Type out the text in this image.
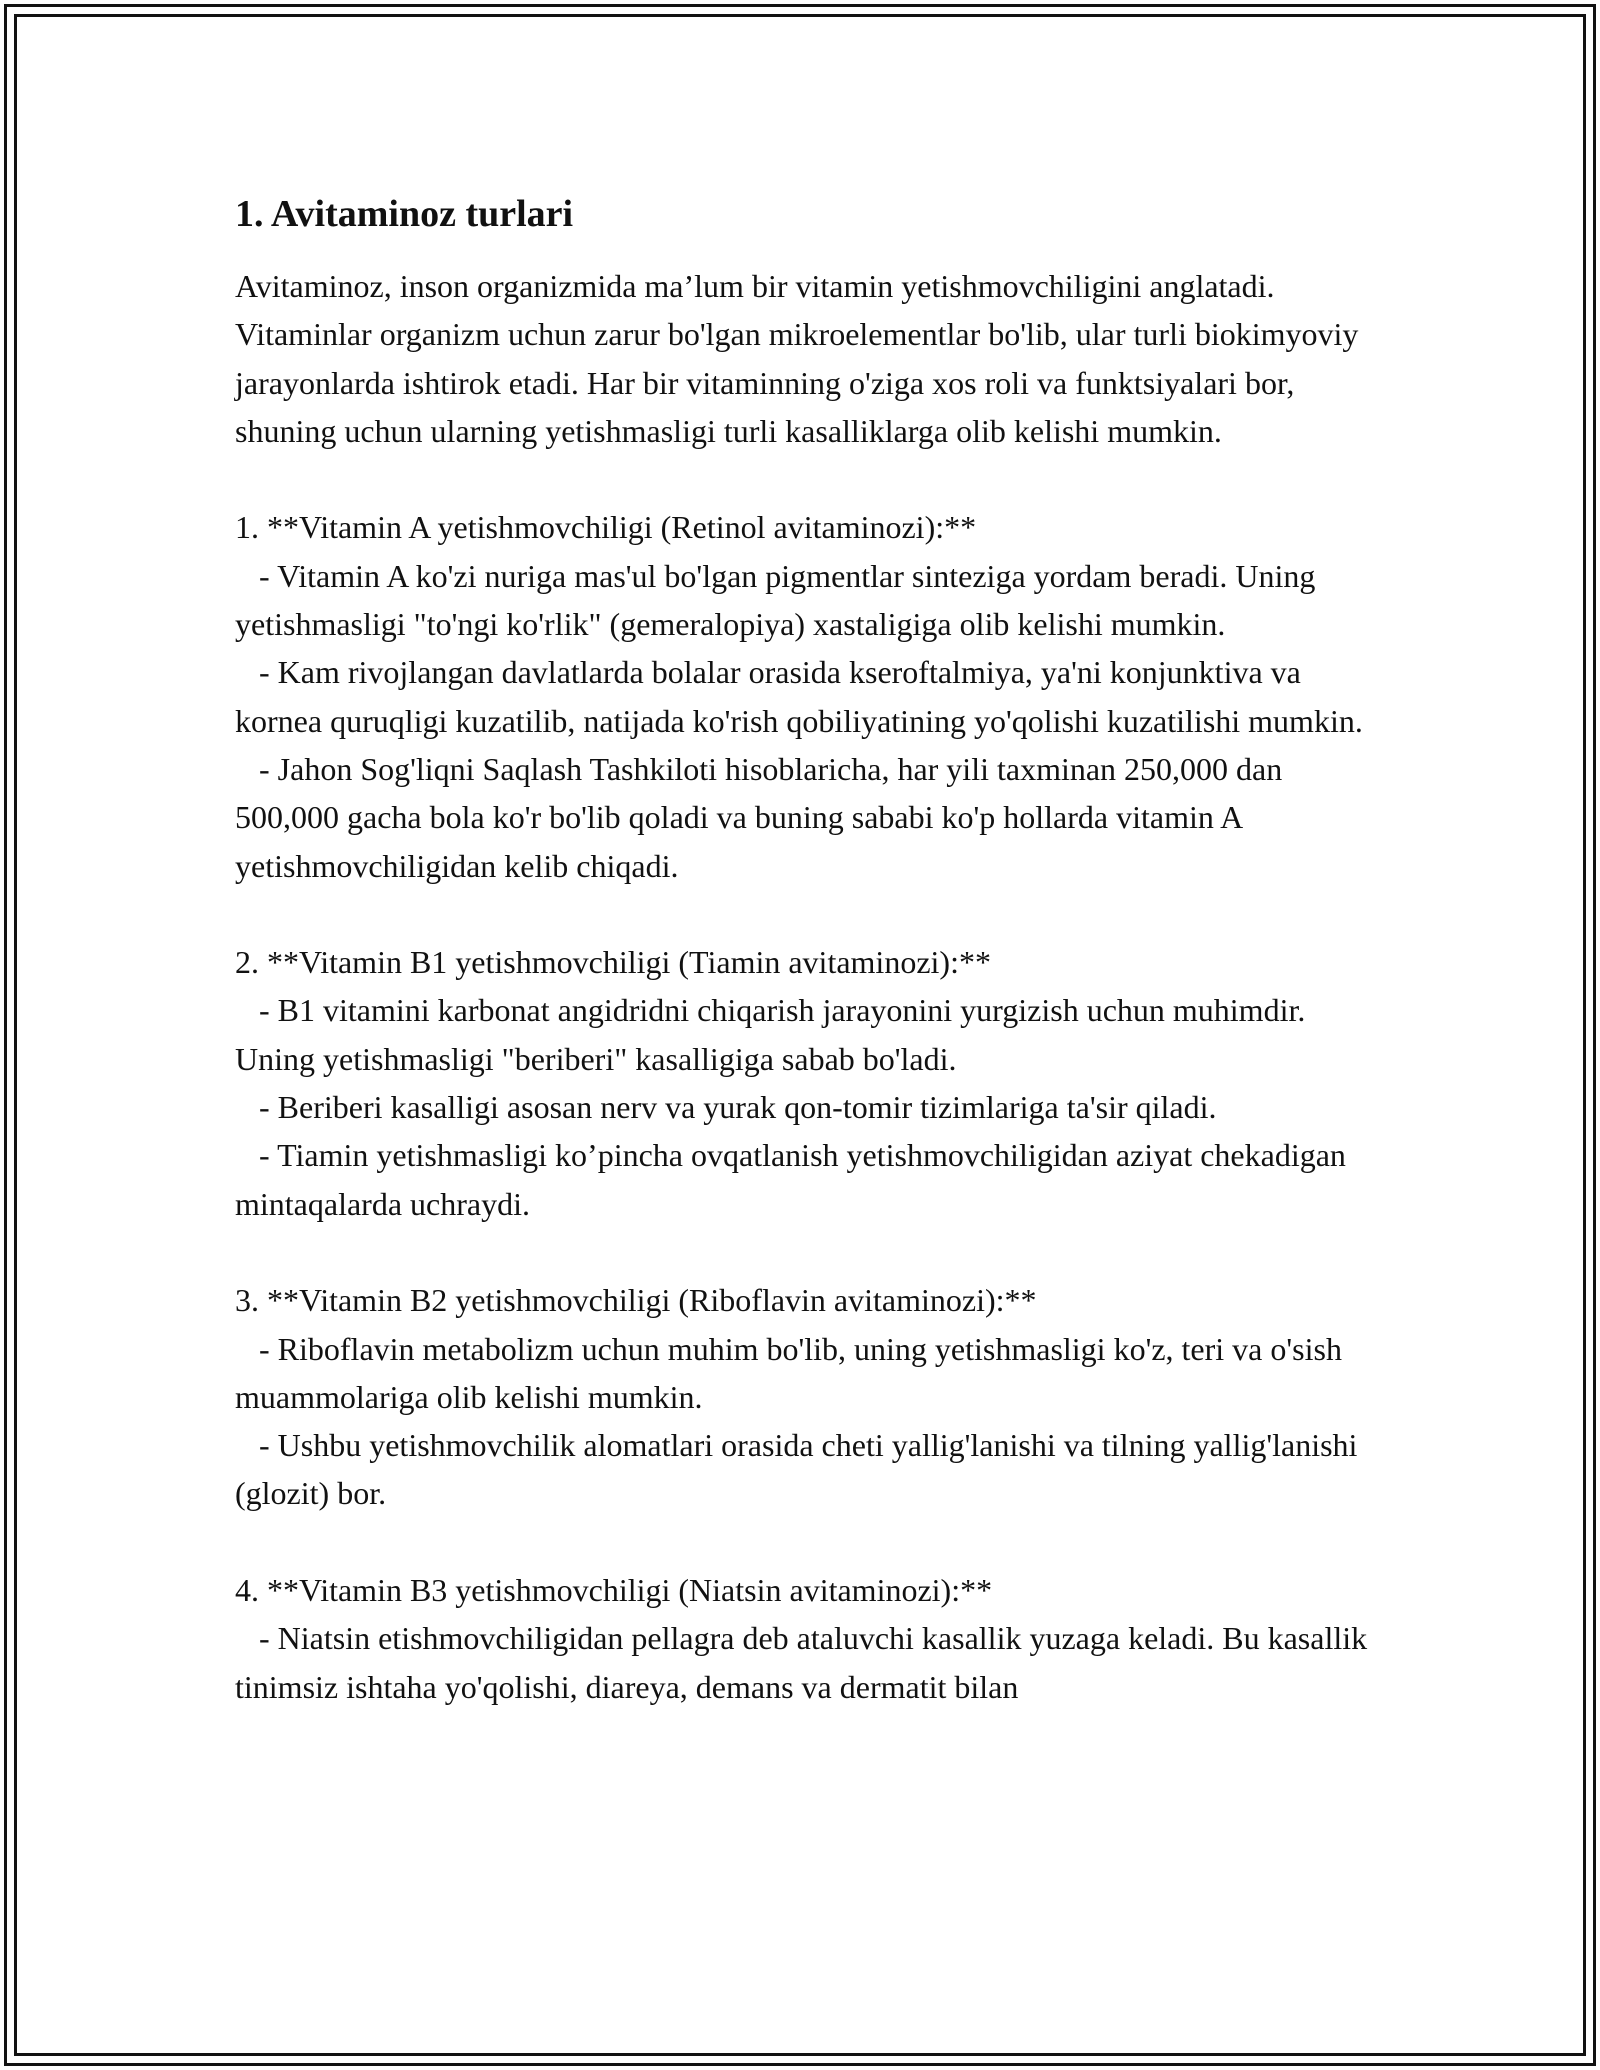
1. Avitaminoz turlari

Avitaminoz, inson organizmida ma’lum bir vitamin yetishmovchiligini anglatadi. Vitaminlar organizm uchun zarur bo'lgan mikroelementlar bo'lib, ular turli biokimyoviy jarayonlarda ishtirok etadi. Har bir vitaminning o'ziga xos roli va funktsiyalari bor, shuning uchun ularning yetishmasligi turli kasalliklarga olib kelishi mumkin.

1. **Vitamin A yetishmovchiligi (Retinol avitaminozi):**
- Vitamin A ko'zi nuriga mas'ul bo'lgan pigmentlar sinteziga yordam beradi. Uning yetishmasligi "to'ngi ko'rlik" (gemeralopiya) xastaligiga olib kelishi mumkin.
- Kam rivojlangan davlatlarda bolalar orasida kseroftalmiya, ya'ni konjunktiva va kornea quruqligi kuzatilib, natijada ko'rish qobiliyatining yo'qolishi kuzatilishi mumkin.
- Jahon Sog'liqni Saqlash Tashkiloti hisoblaricha, har yili taxminan 250,000 dan 500,000 gacha bola ko'r bo'lib qoladi va buning sababi ko'p hollarda vitamin A yetishmovchiligidan kelib chiqadi.

2. **Vitamin B1 yetishmovchiligi (Tiamin avitaminozi):**
- B1 vitamini karbonat angidridni chiqarish jarayonini yurgizish uchun muhimdir. Uning yetishmasligi "beriberi" kasalligiga sabab bo'ladi.
- Beriberi kasalligi asosan nerv va yurak qon-tomir tizimlariga ta'sir qiladi.
- Tiamin yetishmasligi ko’pincha ovqatlanish yetishmovchiligidan aziyat chekadigan mintaqalarda uchraydi.

3. **Vitamin B2 yetishmovchiligi (Riboflavin avitaminozi):**
- Riboflavin metabolizm uchun muhim bo'lib, uning yetishmasligi ko'z, teri va o'sish muammolariga olib kelishi mumkin.
- Ushbu yetishmovchilik alomatlari orasida cheti yallig'lanishi va tilning yallig'lanishi (glozit) bor.

4. **Vitamin B3 yetishmovchiligi (Niatsin avitaminozi):**
- Niatsin etishmovchiligidan pellagra deb ataluvchi kasallik yuzaga keladi. Bu kasallik tinimsiz ishtaha yo'qolishi, diareya, demans va dermatit bilan
